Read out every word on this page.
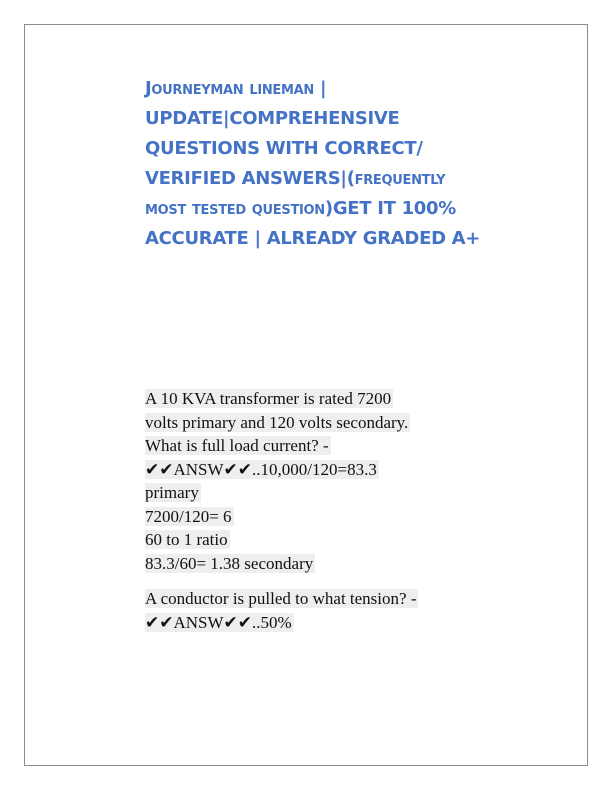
Journeyman lineman | UPDATE|COMPREHENSIVE QUESTIONS WITH CORRECT/ VERIFIED ANSWERS|(frequently most tested question)GET IT 100% ACCURATE | ALREADY GRADED A+

A 10 KVA transformer is rated 7200
volts primary and 120 volts secondary.
What is full load current? -
✔✔ANSW✔✔..10,000/120=83.3
primary
7200/120= 6
60 to 1 ratio
83.3/60= 1.38 secondary

A conductor is pulled to what tension? -
✔✔ANSW✔✔..50%
